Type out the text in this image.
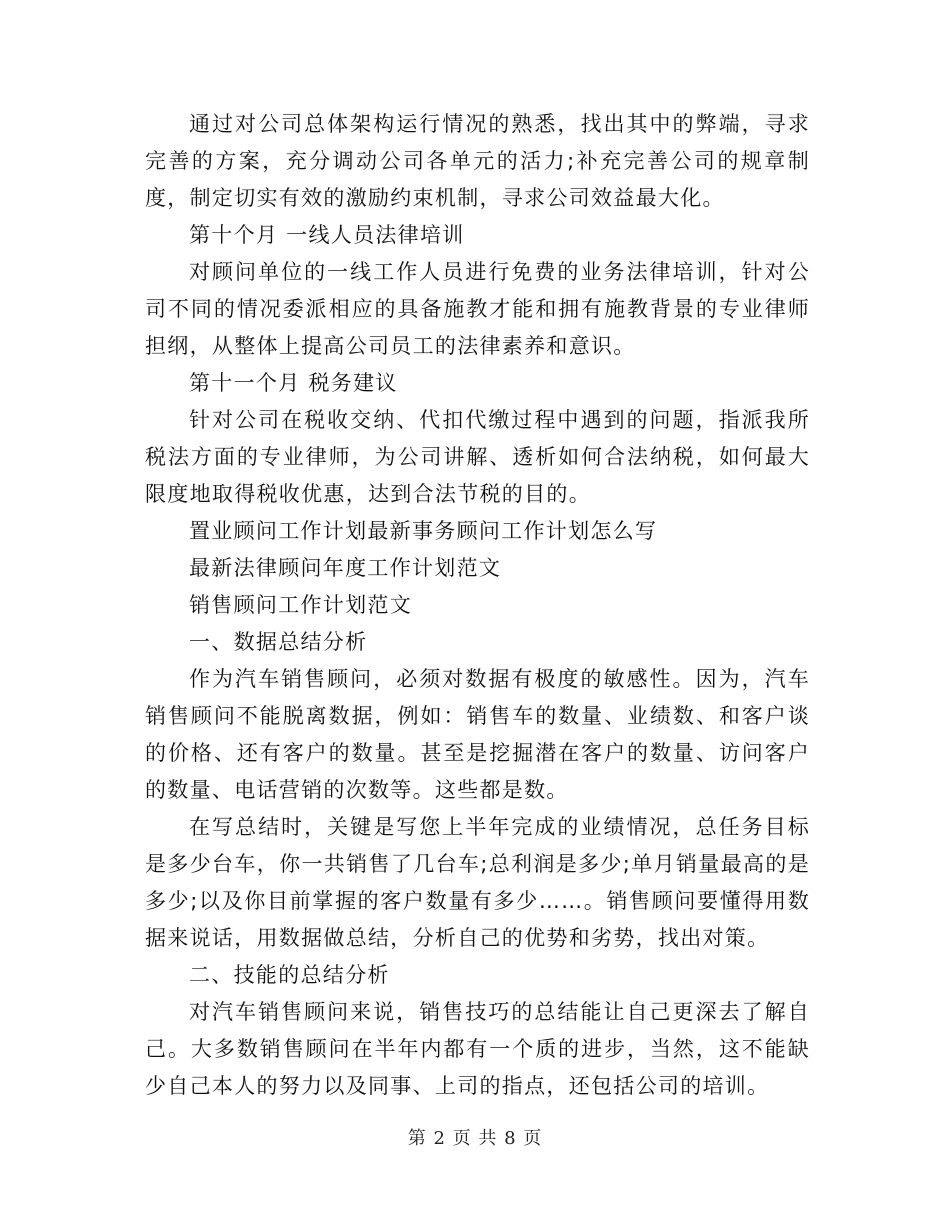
通过对公司总体架构运行情况的熟悉，找出其中的弊端，寻求完善的方案，充分调动公司各单元的活力;补充完善公司的规章制度，制定切实有效的激励约束机制，寻求公司效益最大化。

第十个月 一线人员法律培训

对顾问单位的一线工作人员进行免费的业务法律培训，针对公司不同的情况委派相应的具备施教才能和拥有施教背景的专业律师担纲，从整体上提高公司员工的法律素养和意识。

第十一个月 税务建议

针对公司在税收交纳、代扣代缴过程中遇到的问题，指派我所税法方面的专业律师，为公司讲解、透析如何合法纳税，如何最大限度地取得税收优惠，达到合法节税的目的。

置业顾问工作计划最新事务顾问工作计划怎么写

最新法律顾问年度工作计划范文

销售顾问工作计划范文

一、数据总结分析

作为汽车销售顾问，必须对数据有极度的敏感性。因为，汽车销售顾问不能脱离数据，例如：销售车的数量、业绩数、和客户谈的价格、还有客户的数量。甚至是挖掘潜在客户的数量、访问客户的数量、电话营销的次数等。这些都是数。

在写总结时，关键是写您上半年完成的业绩情况，总任务目标是多少台车，你一共销售了几台车;总利润是多少;单月销量最高的是多少;以及你目前掌握的客户数量有多少……。销售顾问要懂得用数据来说话，用数据做总结，分析自己的优势和劣势，找出对策。

二、技能的总结分析

对汽车销售顾问来说，销售技巧的总结能让自己更深去了解自己。大多数销售顾问在半年内都有一个质的进步，当然，这不能缺少自己本人的努力以及同事、上司的指点，还包括公司的培训。

第 2 页 共 8 页
